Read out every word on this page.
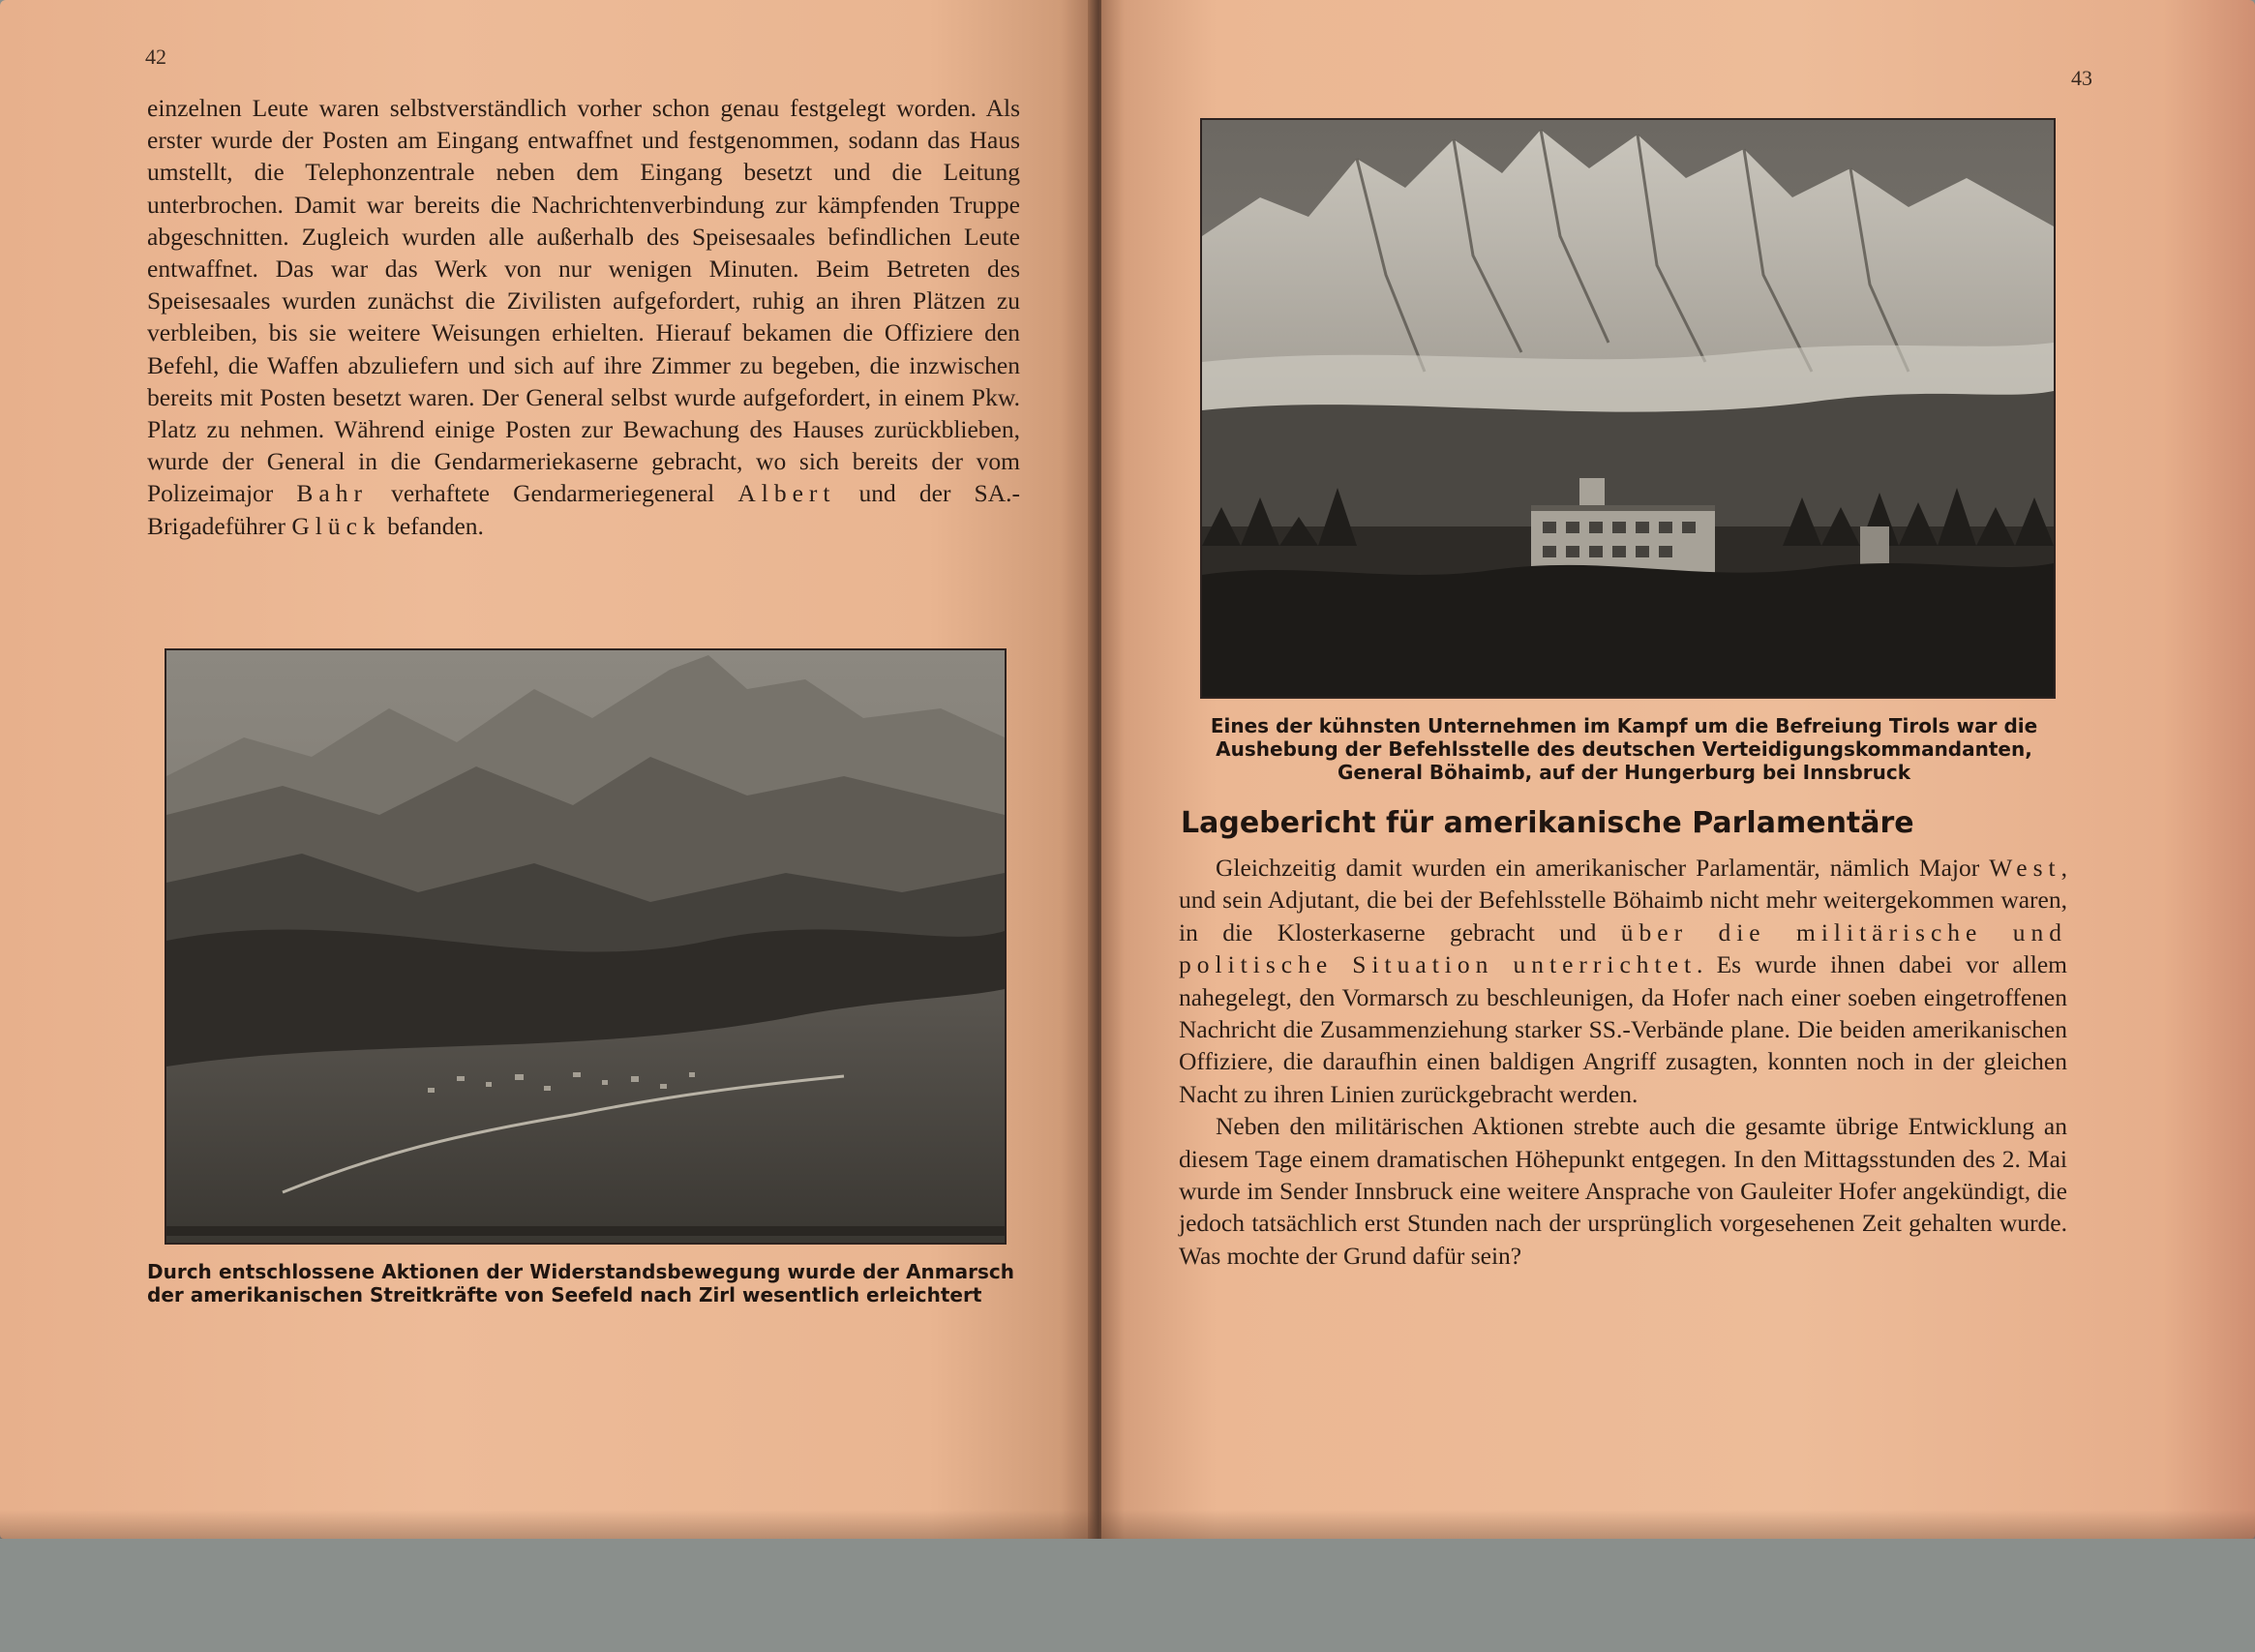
42

einzelnen Leute waren selbstverständlich vorher schon genau festgelegt worden. Als erster wurde der Posten am Eingang entwaffnet und festgenommen, sodann das Haus umstellt, die Telephonzentrale neben dem Eingang besetzt und die Leitung unterbrochen. Damit war bereits die Nachrichtenverbindung zur kämpfenden Truppe abgeschnitten. Zugleich wurden alle außerhalb des Speisesaales befindlichen Leute entwaffnet. Das war das Werk von nur wenigen Minuten. Beim Betreten des Speisesaales wurden zunächst die Zivilisten aufgefordert, ruhig an ihren Plätzen zu verbleiben, bis sie weitere Weisungen erhielten. Hierauf bekamen die Offiziere den Befehl, die Waffen abzuliefern und sich auf ihre Zimmer zu begeben, die inzwischen bereits mit Posten besetzt waren. Der General selbst wurde aufgefordert, in einem Pkw. Platz zu nehmen. Während einige Posten zur Bewachung des Hauses zurückblieben, wurde der General in die Gendarmeriekaserne gebracht, wo sich bereits der vom Polizeimajor Bahr verhaftete Gendarmeriegeneral Albert und der SA.-Brigadeführer Glück befanden.

Durch entschlossene Aktionen der Widerstandsbewegung wurde der Anmarsch der amerikanischen Streitkräfte von Seefeld nach Zirl wesentlich erleichtert
43
Eines der kühnsten Unternehmen im Kampf um die Befreiung Tirols war die Aushebung der Befehlsstelle des deutschen Verteidigungskommandanten, General Böhaimb, auf der Hungerburg bei Innsbruck
Lagebericht für amerikanische Parlamentäre

Gleichzeitig damit wurden ein amerikanischer Parlamentär, nämlich Major West, und sein Adjutant, die bei der Befehlsstelle Böhaimb nicht mehr weitergekommen waren, in die Klosterkaserne gebracht und über die militärische und politische Situation unterrichtet. Es wurde ihnen dabei vor allem nahegelegt, den Vormarsch zu beschleunigen, da Hofer nach einer soeben eingetroffenen Nachricht die Zusammenziehung starker SS.-Verbände plane. Die beiden amerikanischen Offiziere, die daraufhin einen baldigen Angriff zusagten, konnten noch in der gleichen Nacht zu ihren Linien zurückgebracht werden.

Neben den militärischen Aktionen strebte auch die gesamte übrige Entwicklung an diesem Tage einem dramatischen Höhepunkt entgegen. In den Mittagsstunden des 2. Mai wurde im Sender Innsbruck eine weitere Ansprache von Gauleiter Hofer angekündigt, die jedoch tatsächlich erst Stunden nach der ursprünglich vorgesehenen Zeit gehalten wurde. Was mochte der Grund dafür sein?
